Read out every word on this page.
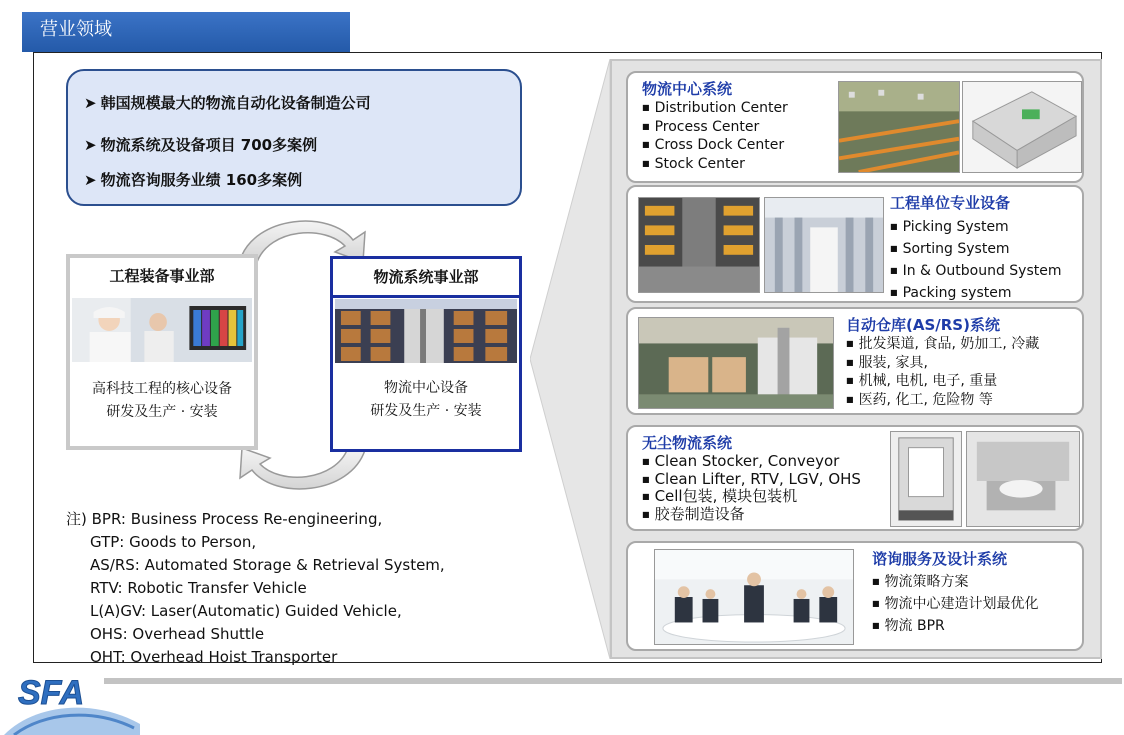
营业领域
➤ 韩国规模最大的物流自动化设备制造公司
➤ 物流系统及设备项目 700多案例
➤ 物流咨询服务业绩 160多案例
工程装备事业部
高科技工程的核心设备
研发及生产 · 安装
物流系统事业部
物流中心设备
研发及生产 · 安装
注) BPR: Business Process Re-engineering,
GTP: Goods to Person,
AS/RS: Automated Storage & Retrieval System,
RTV: Robotic Transfer Vehicle
L(A)GV: Laser(Automatic) Guided Vehicle,
OHS: Overhead Shuttle
OHT: Overhead Hoist Transporter
物流中心系统
■ Distribution Center
■ Process Center
■ Cross Dock Center
■ Stock Center
工程单位专业设备
■ Picking System
■ Sorting System
■ In & Outbound System
■ Packing system
自动仓库(AS/RS)系统
■ 批发渠道, 食品, 奶加工, 冷藏
■ 服装, 家具,
■ 机械, 电机, 电子, 重量
■ 医药, 化工, 危险物 等
无尘物流系统
■ Clean Stocker, Conveyor
■ Clean Lifter, RTV, LGV, OHS
■ Cell包装, 模块包装机
■ 胶卷制造设备
谘询服务及设计系统
■ 物流策略方案
■ 物流中心建造计划最优化
■ 物流 BPR
SFA
